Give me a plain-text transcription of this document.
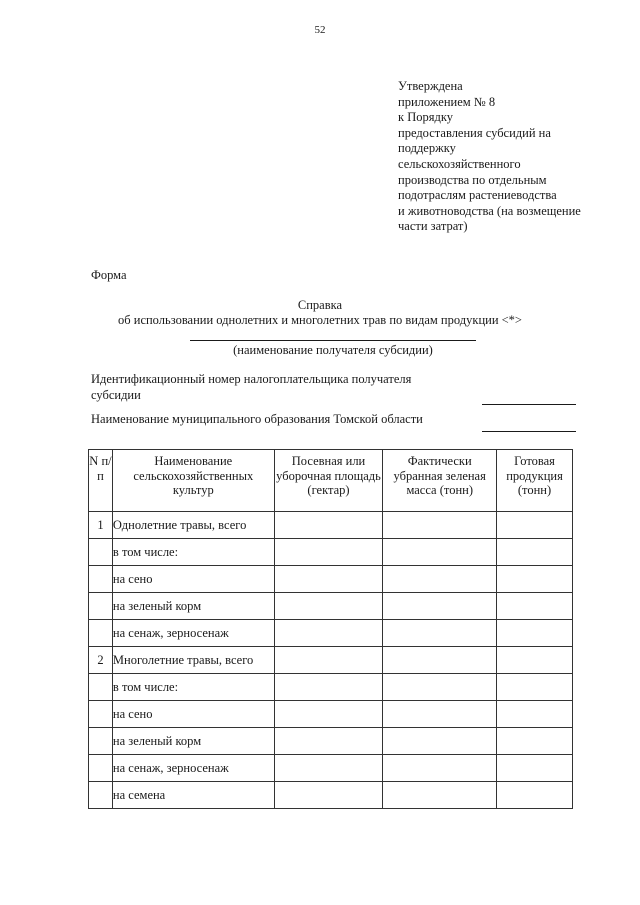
52
Утверждена
приложением № 8
к Порядку
предоставления субсидий на
поддержку
сельскохозяйственного
производства по отдельным
подотраслям растениеводства
и животноводства (на возмещение
части затрат)
Форма
Справка
об использовании однолетних и многолетних трав по видам продукции <*>
(наименование получателя субсидии)
Идентификационный номер налогоплательщика получателя субсидии
Наименование муниципального образования Томской области
N п/п	Наименование сельскохозяйственных культур	Посевная или уборочная площадь (гектар)	Фактически убранная зеленая масса (тонн)	Готовая продукция (тонн)
1	Однолетние травы, всего			
	в том числе:			
	на сено			
	на зеленый корм			
	на сенаж, зерносенаж			
2	Многолетние травы, всего			
	в том числе:			
	на сено			
	на зеленый корм			
	на сенаж, зерносенаж			
	на семена			
